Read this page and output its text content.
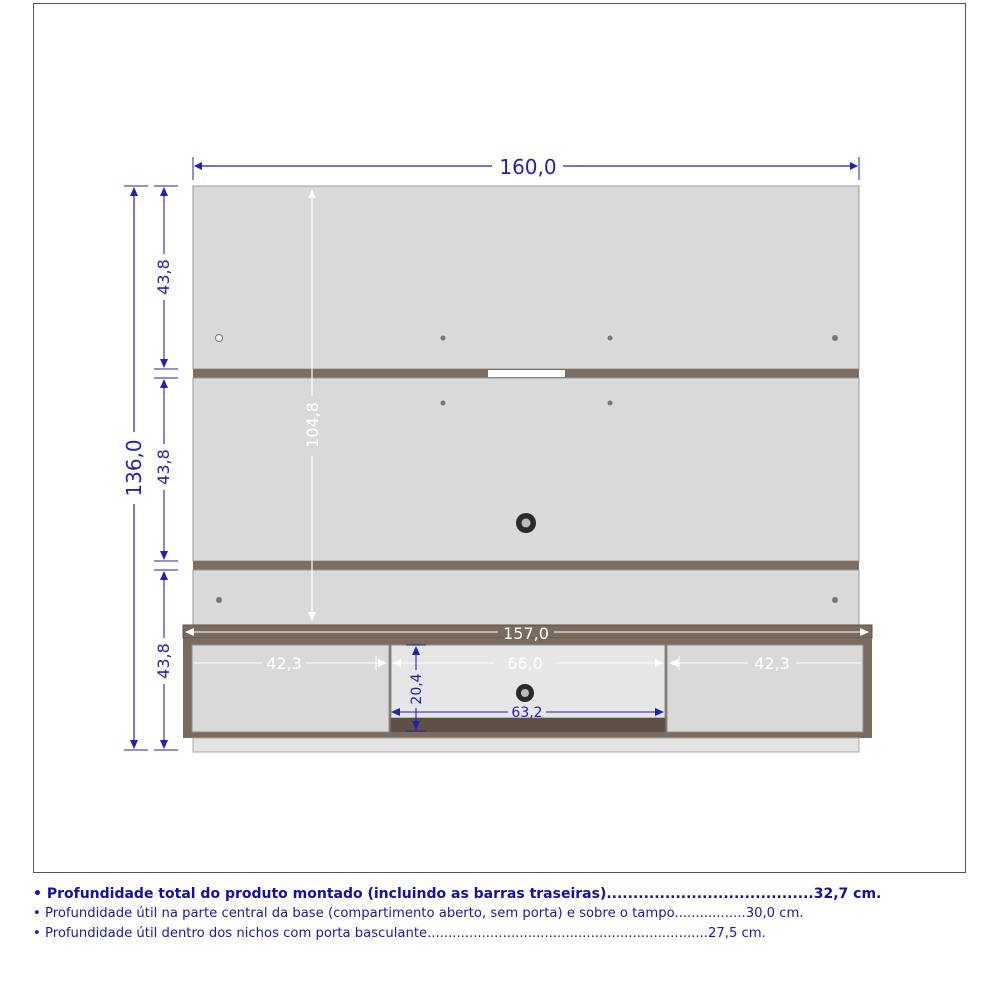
160,0
136,0
43,8
43,8
43,8
104,8
157,0
42,3	66,0	42,3
20,4
63,2
• Profundidade total do produto montado (incluindo as barras traseiras).......................................32,7 cm.
• Profundidade útil na parte central da base (compartimento aberto, sem porta) e sobre o tampo.................30,0 cm.
• Profundidade útil dentro dos nichos com porta basculante...................................................................27,5 cm.
